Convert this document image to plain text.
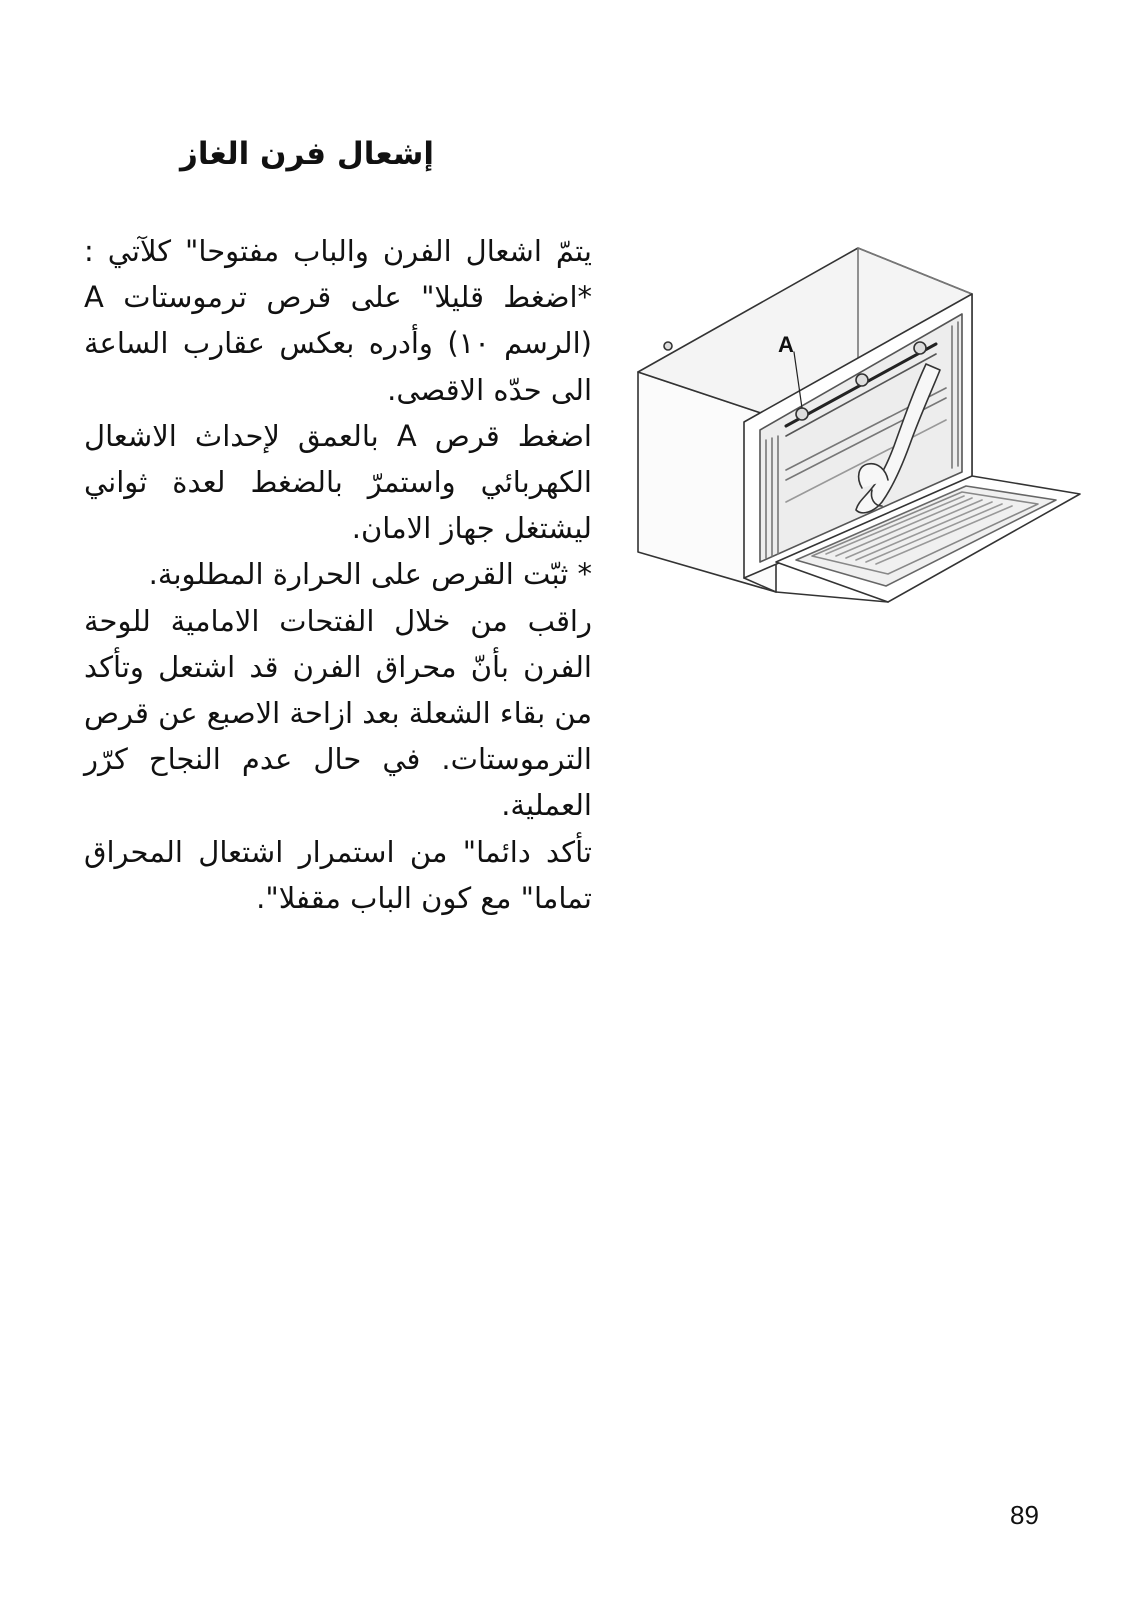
إشعال فرن الغاز

يتمّ اشعال الفرن والباب مفتوحا" كلآتي : *اضغط قليلا" على قرص ترموستات A (الرسم ١٠) وأدره بعكس عقارب الساعة الى حدّه الاقصى.

اضغط قرص A بالعمق لإحداث الاشعال الكهربائي واستمرّ بالضغط لعدة ثواني ليشتغل جهاز الامان.

* ثبّت القرص على الحرارة المطلوبة.

راقب من خلال الفتحات الامامية للوحة الفرن بأنّ محراق الفرن قد اشتعل وتأكد من بقاء الشعلة بعد ازاحة الاصبع عن قرص الترموستات. في حال عدم النجاح كرّر العملية.

تأكد دائما" من استمرار اشتعال المحراق تماما" مع كون الباب مقفلا".

A
89
